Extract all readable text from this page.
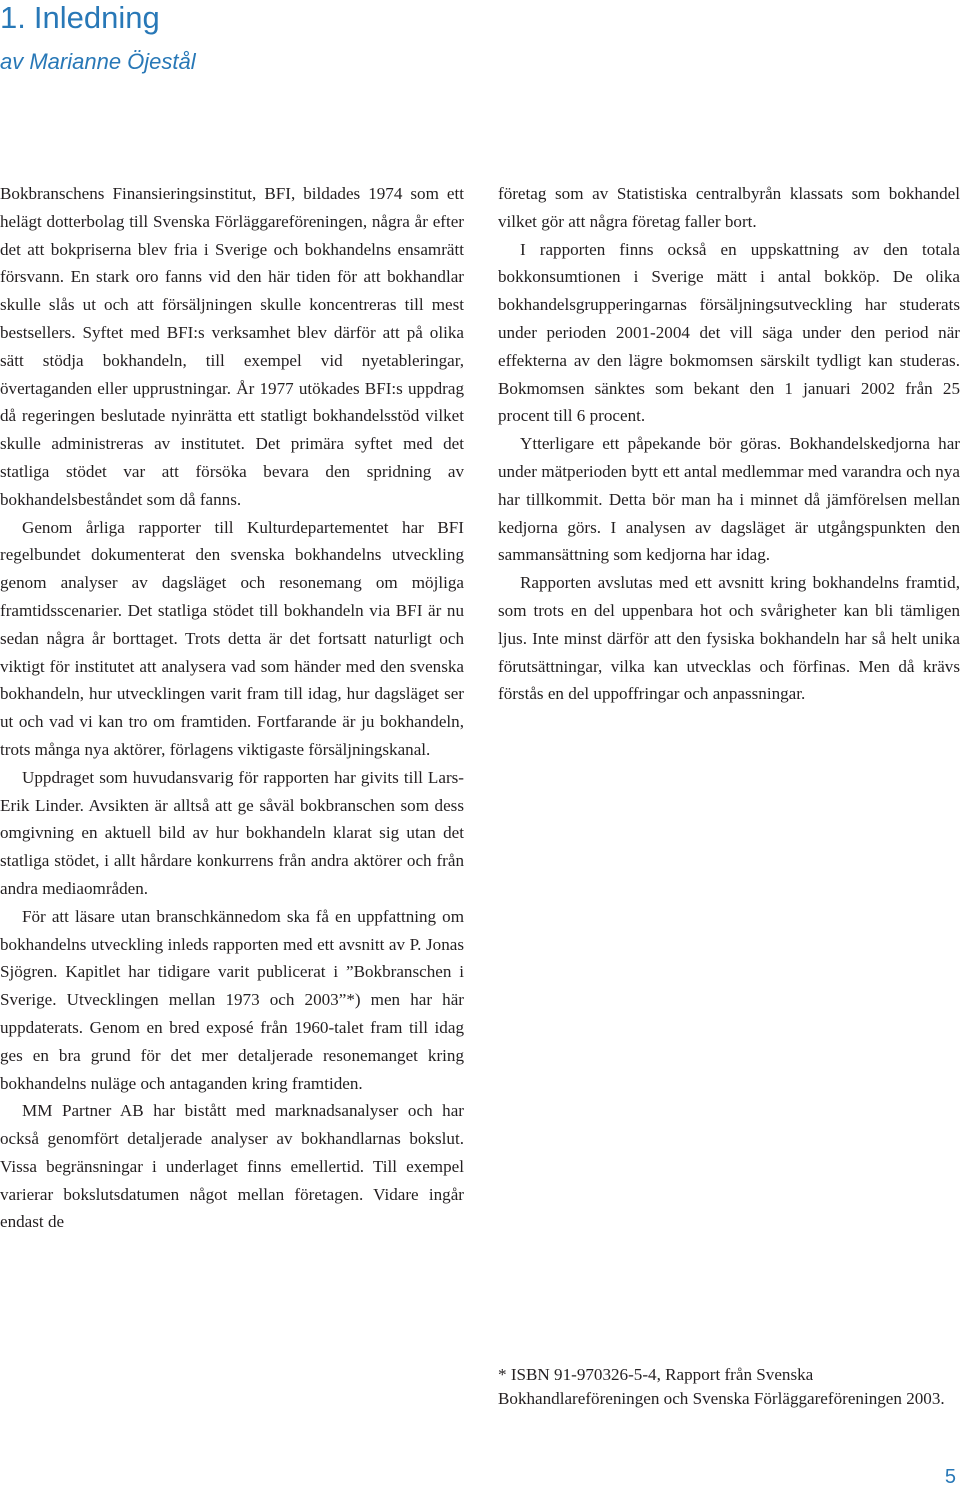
1. Inledning

av Marianne Öjestål

Bokbranschens Finansieringsinstitut, BFI, bildades 1974 som ett helägt dotterbolag till Svenska Förläggareföreningen, några år efter det att bokpriserna blev fria i Sverige och bokhandelns ensamrätt försvann. En stark oro fanns vid den här tiden för att bokhandlar skulle slås ut och att försäljningen skulle koncentreras till mest bestsellers. Syftet med BFI:s verksamhet blev därför att på olika sätt stödja bokhandeln, till exempel vid nyetableringar, övertaganden eller upprustningar. År 1977 utökades BFI:s uppdrag då regeringen beslutade nyinrätta ett statligt bokhandelsstöd vilket skulle administreras av institutet. Det primära syftet med det statliga stödet var att försöka bevara den spridning av bokhandelsbeståndet som då fanns.

Genom årliga rapporter till Kulturdepartementet har BFI regelbundet dokumenterat den svenska bokhandelns utveckling genom analyser av dagsläget och resonemang om möjliga framtidsscenarier. Det statliga stödet till bokhandeln via BFI är nu sedan några år borttaget. Trots detta är det fortsatt naturligt och viktigt för institutet att analysera vad som händer med den svenska bokhandeln, hur utvecklingen varit fram till idag, hur dagsläget ser ut och vad vi kan tro om framtiden. Fortfarande är ju bokhandeln, trots många nya aktörer, förlagens viktigaste försäljningskanal.

Uppdraget som huvudansvarig för rapporten har givits till Lars-Erik Linder. Avsikten är alltså att ge såväl bokbranschen som dess omgivning en aktuell bild av hur bokhandeln klarat sig utan det statliga stödet, i allt hårdare konkurrens från andra aktörer och från andra mediaområden.

För att läsare utan branschkännedom ska få en uppfattning om bokhandelns utveckling inleds rapporten med ett avsnitt av P. Jonas Sjögren. Kapitlet har tidigare varit publicerat i ”Bokbranschen i Sverige. Utvecklingen mellan 1973 och 2003”*) men har här uppdaterats. Genom en bred exposé från 1960-talet fram till idag ges en bra grund för det mer detaljerade resonemanget kring bokhandelns nuläge och antaganden kring framtiden.

MM Partner AB har bistått med marknadsanalyser och har också genomfört detaljerade analyser av bokhandlarnas bokslut. Vissa begränsningar i underlaget finns emellertid. Till exempel varierar bokslutsdatumen något mellan företagen. Vidare ingår endast de

företag som av Statistiska centralbyrån klassats som bokhandel vilket gör att några företag faller bort.

I rapporten finns också en uppskattning av den totala bokkonsumtionen i Sverige mätt i antal bokköp. De olika bokhandelsgrupperingarnas försäljningsutveckling har studerats under perioden 2001-2004 det vill säga under den period när effekterna av den lägre bokmomsen särskilt tydligt kan studeras. Bokmomsen sänktes som bekant den 1 januari 2002 från 25 procent till 6 procent.

Ytterligare ett påpekande bör göras. Bokhandelskedjorna har under mätperioden bytt ett antal medlemmar med varandra och nya har tillkommit. Detta bör man ha i minnet då jämförelsen mellan kedjorna görs. I analysen av dagsläget är utgångspunkten den sammansättning som kedjorna har idag.

Rapporten avslutas med ett avsnitt kring bokhandelns framtid, som trots en del uppenbara hot och svårigheter kan bli tämligen ljus. Inte minst därför att den fysiska bokhandeln har så helt unika förutsättningar, vilka kan utvecklas och förfinas. Men då krävs förstås en del uppoffringar och anpassningar.

* ISBN 91-970326-5-4, Rapport från Svenska Bokhandlareföreningen och Svenska Förläggareföreningen 2003.

5
